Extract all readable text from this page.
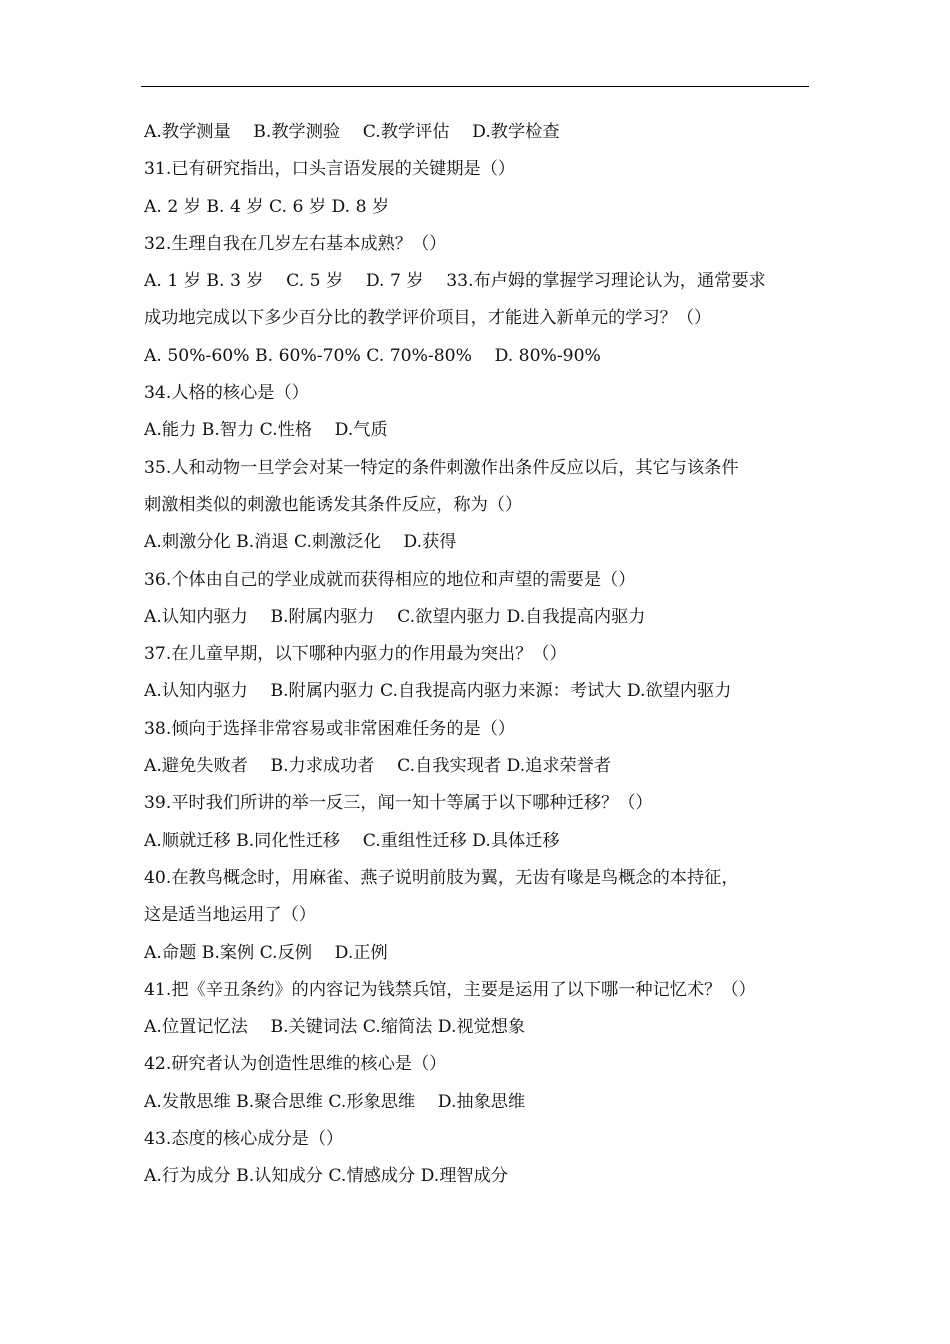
A.教学测量　 B.教学测验　 C.教学评估　 D.教学检查
31.已有研究指出，口头言语发展的关键期是（）
A. 2 岁 B. 4 岁 C. 6 岁 D. 8 岁
32.生理自我在几岁左右基本成熟？（）
A. 1 岁 B. 3 岁　 C. 5 岁　 D. 7 岁　 33.布卢姆的掌握学习理论认为，通常要求
成功地完成以下多少百分比的教学评价项目，才能进入新单元的学习？（）
A. 50%-60% B. 60%-70% C. 70%-80%　 D. 80%-90%
34.人格的核心是（）
A.能力 B.智力 C.性格　 D.气质
35.人和动物一旦学会对某一特定的条件刺激作出条件反应以后，其它与该条件
刺激相类似的刺激也能诱发其条件反应，称为（）
A.刺激分化 B.消退 C.刺激泛化　 D.获得
36.个体由自己的学业成就而获得相应的地位和声望的需要是（）
A.认知内驱力　 B.附属内驱力　 C.欲望内驱力 D.自我提高内驱力
37.在儿童早期，以下哪种内驱力的作用最为突出？（）
A.认知内驱力　 B.附属内驱力 C.自我提高内驱力来源：考试大 D.欲望内驱力
38.倾向于选择非常容易或非常困难任务的是（）
A.避免失败者　 B.力求成功者　 C.自我实现者 D.追求荣誉者
39.平时我们所讲的举一反三，闻一知十等属于以下哪种迁移？（）
A.顺就迁移 B.同化性迁移　 C.重组性迁移 D.具体迁移
40.在教鸟概念时，用麻雀、燕子说明前肢为翼，无齿有喙是鸟概念的本持征，
这是适当地运用了（）
A.命题 B.案例 C.反例　 D.正例
41.把《辛丑条约》的内容记为钱禁兵馆，主要是运用了以下哪一种记忆术？（）
A.位置记忆法　 B.关键词法 C.缩简法 D.视觉想象
42.研究者认为创造性思维的核心是（）
A.发散思维 B.聚合思维 C.形象思维　 D.抽象思维
43.态度的核心成分是（）
A.行为成分 B.认知成分 C.情感成分 D.理智成分
